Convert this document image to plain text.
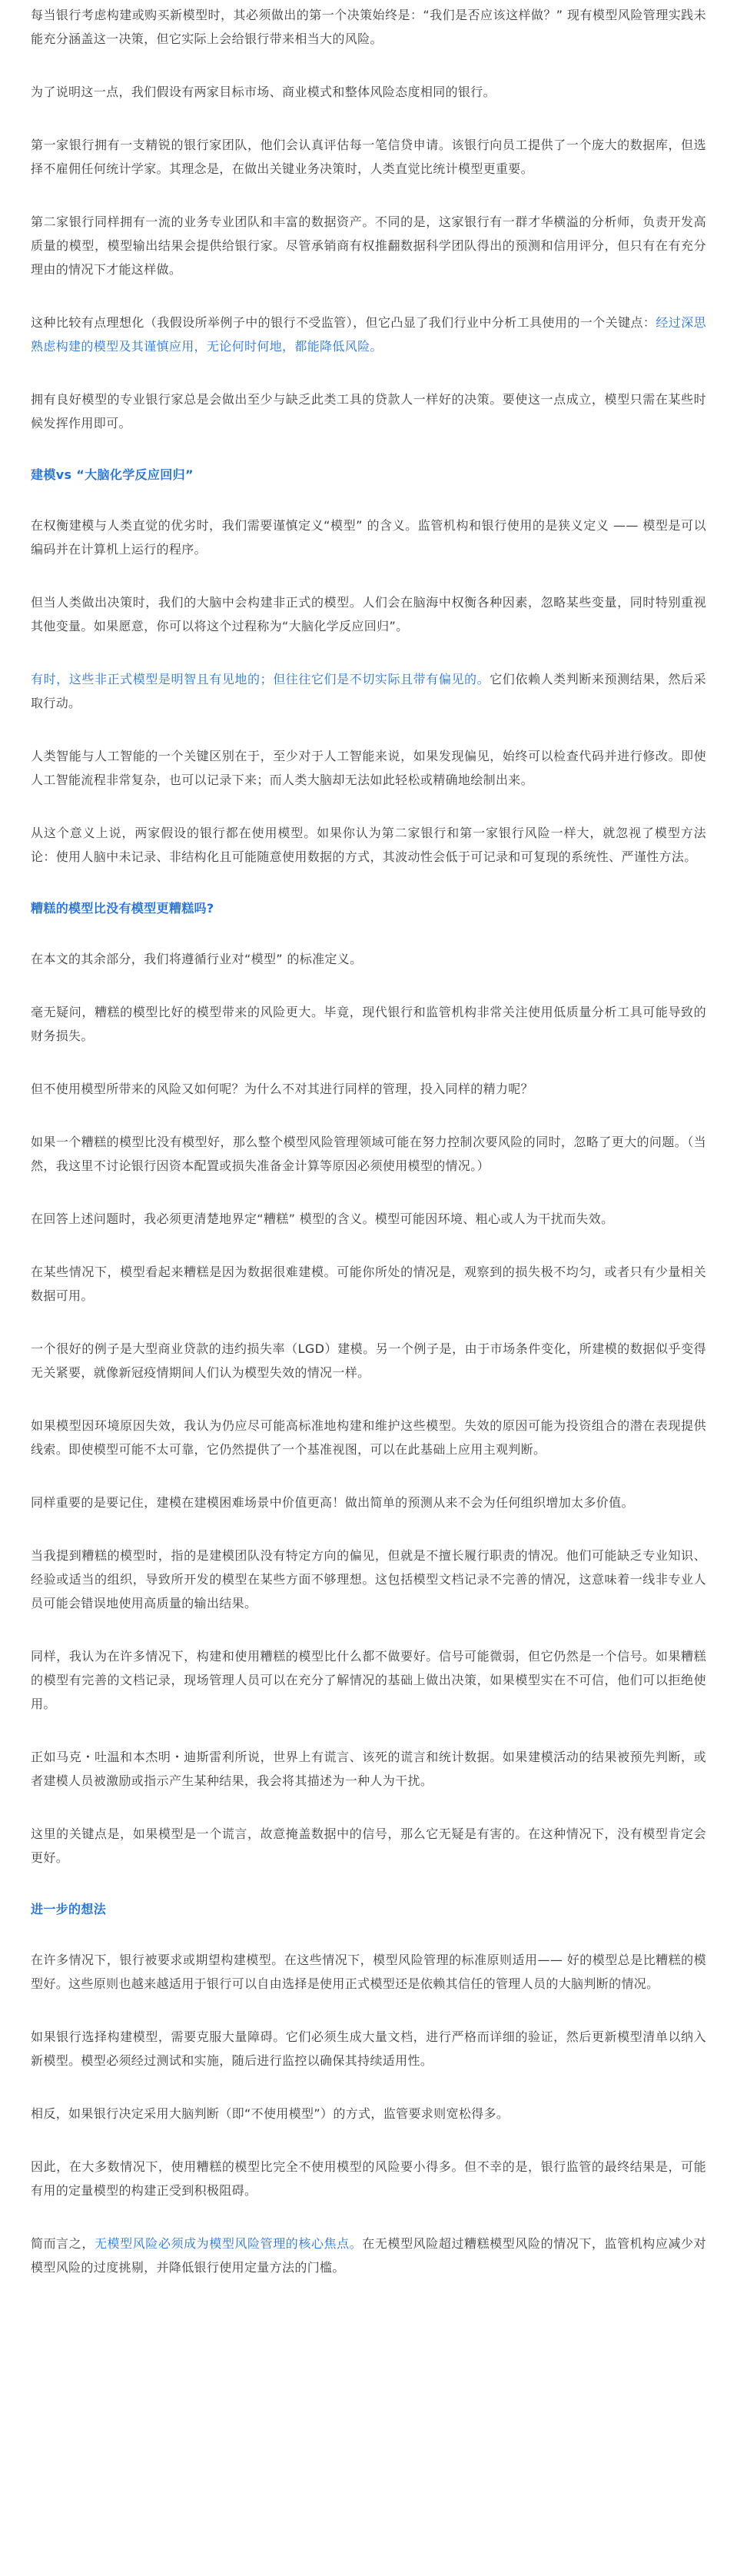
每当银行考虑构建或购买新模型时，其必须做出的第一个决策始终是：“我们是否应该这样做？” 现有模型风险管理实践未能充分涵盖这一决策，但它实际上会给银行带来相当大的风险。

为了说明这一点，我们假设有两家目标市场、商业模式和整体风险态度相同的银行。

第一家银行拥有一支精锐的银行家团队，他们会认真评估每一笔信贷申请。该银行向员工提供了一个庞大的数据库，但选择不雇佣任何统计学家。其理念是，在做出关键业务决策时，人类直觉比统计模型更重要。

第二家银行同样拥有一流的业务专业团队和丰富的数据资产。不同的是，这家银行有一群才华横溢的分析师，负责开发高质量的模型，模型输出结果会提供给银行家。尽管承销商有权推翻数据科学团队得出的预测和信用评分，但只有在有充分理由的情况下才能这样做。

这种比较有点理想化（我假设所举例子中的银行不受监管），但它凸显了我们行业中分析工具使用的一个关键点：经过深思熟虑构建的模型及其谨慎应用，无论何时何地，都能降低风险。

拥有良好模型的专业银行家总是会做出至少与缺乏此类工具的贷款人一样好的决策。要使这一点成立，模型只需在某些时候发挥作用即可。

建模vs “大脑化学反应回归”

在权衡建模与人类直觉的优劣时，我们需要谨慎定义“模型” 的含义。监管机构和银行使用的是狭义定义 —— 模型是可以编码并在计算机上运行的程序。

但当人类做出决策时，我们的大脑中会构建非正式的模型。人们会在脑海中权衡各种因素，忽略某些变量，同时特别重视其他变量。如果愿意，你可以将这个过程称为“大脑化学反应回归”。

有时，这些非正式模型是明智且有见地的；但往往它们是不切实际且带有偏见的。它们依赖人类判断来预测结果，然后采取行动。

人类智能与人工智能的一个关键区别在于，至少对于人工智能来说，如果发现偏见，始终可以检查代码并进行修改。即使人工智能流程非常复杂，也可以记录下来；而人类大脑却无法如此轻松或精确地绘制出来。

从这个意义上说，两家假设的银行都在使用模型。如果你认为第二家银行和第一家银行风险一样大，就忽视了模型方法论：使用人脑中未记录、非结构化且可能随意使用数据的方式，其波动性会低于可记录和可复现的系统性、严谨性方法。

糟糕的模型比没有模型更糟糕吗?

在本文的其余部分，我们将遵循行业对“模型” 的标准定义。

毫无疑问，糟糕的模型比好的模型带来的风险更大。毕竟，现代银行和监管机构非常关注使用低质量分析工具可能导致的财务损失。

但不使用模型所带来的风险又如何呢？为什么不对其进行同样的管理，投入同样的精力呢？

如果一个糟糕的模型比没有模型好，那么整个模型风险管理领域可能在努力控制次要风险的同时，忽略了更大的问题。（当然，我这里不讨论银行因资本配置或损失准备金计算等原因必须使用模型的情况。）

在回答上述问题时，我必须更清楚地界定“糟糕” 模型的含义。模型可能因环境、粗心或人为干扰而失效。

在某些情况下，模型看起来糟糕是因为数据很难建模。可能你所处的情况是，观察到的损失极不均匀，或者只有少量相关数据可用。

一个很好的例子是大型商业贷款的违约损失率（LGD）建模。另一个例子是，由于市场条件变化，所建模的数据似乎变得无关紧要，就像新冠疫情期间人们认为模型失效的情况一样。

如果模型因环境原因失效，我认为仍应尽可能高标准地构建和维护这些模型。失效的原因可能为投资组合的潜在表现提供线索。即使模型可能不太可靠，它仍然提供了一个基准视图，可以在此基础上应用主观判断。

同样重要的是要记住，建模在建模困难场景中价值更高！做出简单的预测从来不会为任何组织增加太多价值。

当我提到糟糕的模型时，指的是建模团队没有特定方向的偏见，但就是不擅长履行职责的情况。他们可能缺乏专业知识、经验或适当的组织，导致所开发的模型在某些方面不够理想。这包括模型文档记录不完善的情况，这意味着一线非专业人员可能会错误地使用高质量的输出结果。

同样，我认为在许多情况下，构建和使用糟糕的模型比什么都不做要好。信号可能微弱，但它仍然是一个信号。如果糟糕的模型有完善的文档记录，现场管理人员可以在充分了解情况的基础上做出决策，如果模型实在不可信，他们可以拒绝使用。

正如马克・吐温和本杰明・迪斯雷利所说，世界上有谎言、该死的谎言和统计数据。如果建模活动的结果被预先判断，或者建模人员被激励或指示产生某种结果，我会将其描述为一种人为干扰。

这里的关键点是，如果模型是一个谎言，故意掩盖数据中的信号，那么它无疑是有害的。在这种情况下，没有模型肯定会更好。

进一步的想法

在许多情况下，银行被要求或期望构建模型。在这些情况下，模型风险管理的标准原则适用—— 好的模型总是比糟糕的模型好。这些原则也越来越适用于银行可以自由选择是使用正式模型还是依赖其信任的管理人员的大脑判断的情况。

如果银行选择构建模型，需要克服大量障碍。它们必须生成大量文档，进行严格而详细的验证，然后更新模型清单以纳入新模型。模型必须经过测试和实施，随后进行监控以确保其持续适用性。

相反，如果银行决定采用大脑判断（即“不使用模型”）的方式，监管要求则宽松得多。

因此，在大多数情况下，使用糟糕的模型比完全不使用模型的风险要小得多。但不幸的是，银行监管的最终结果是，可能有用的定量模型的构建正受到积极阻碍。

简而言之，无模型风险必须成为模型风险管理的核心焦点。在无模型风险超过糟糕模型风险的情况下，监管机构应减少对模型风险的过度挑剔，并降低银行使用定量方法的门槛。
